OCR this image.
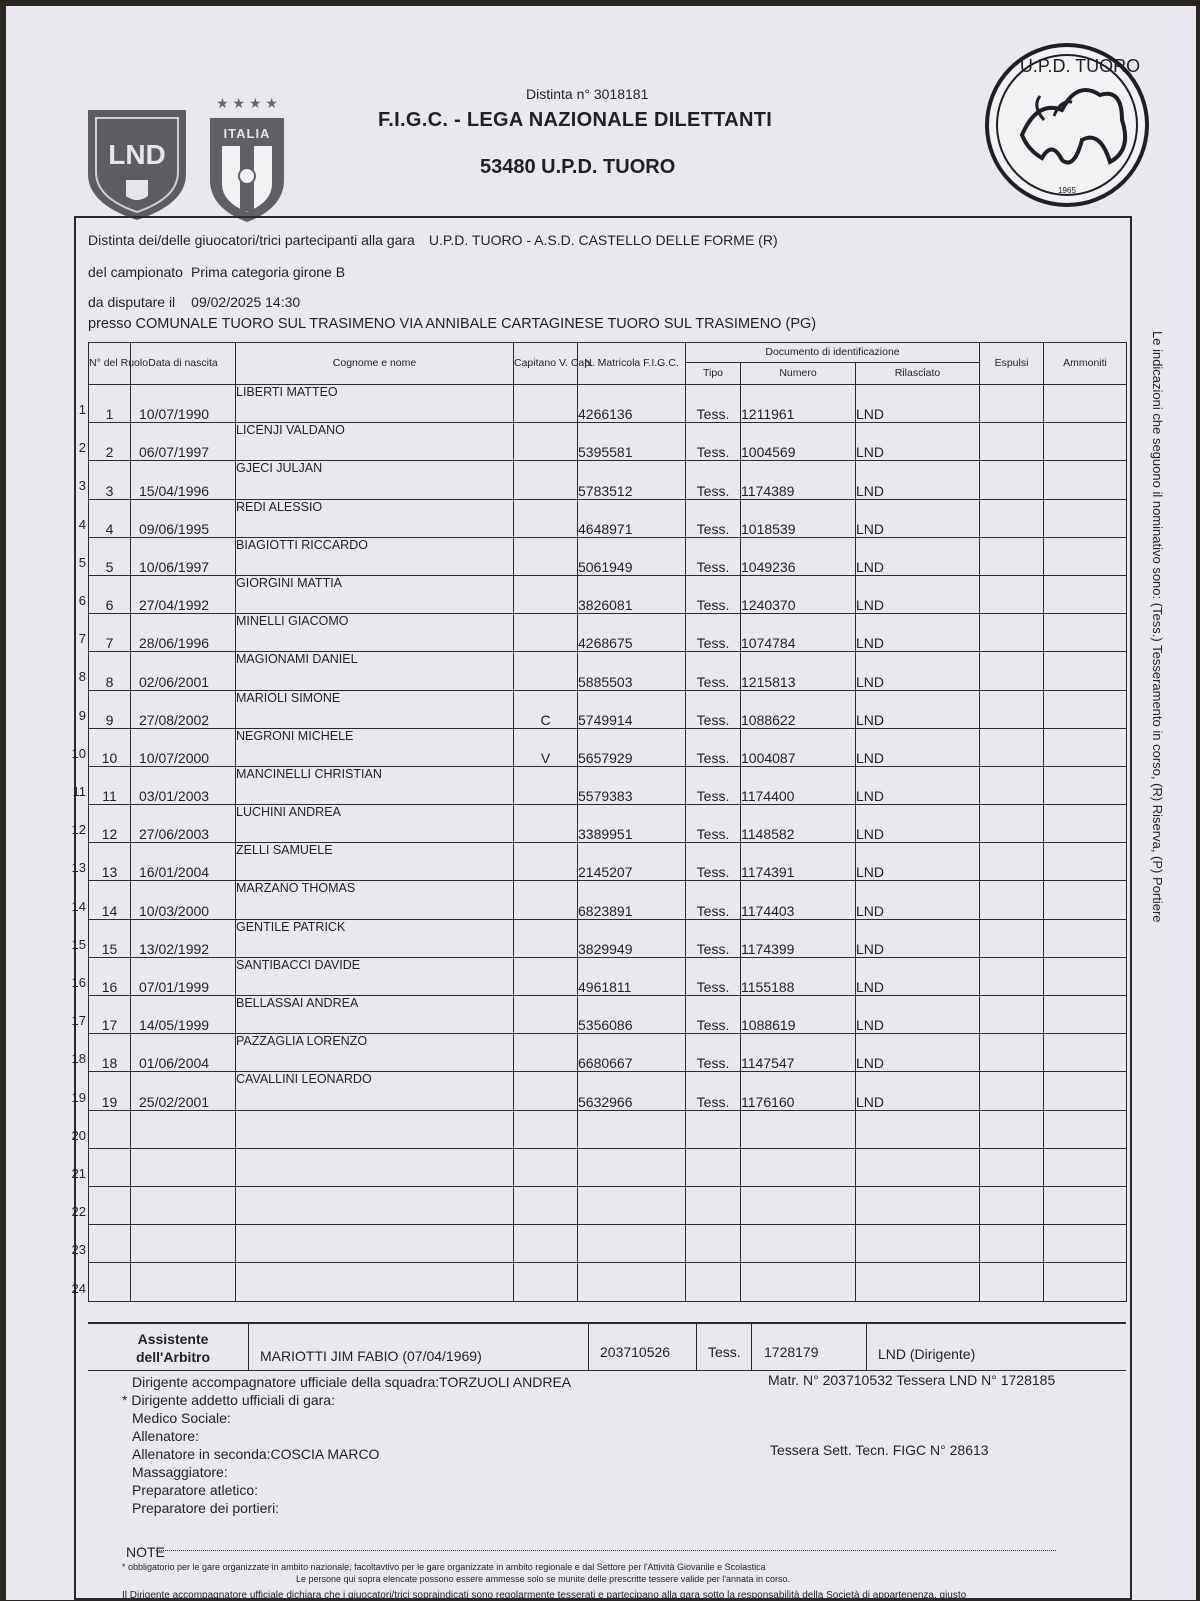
LND
★ ★ ★ ★
ITALIA
U.P.D. TUORO
1965
Distinta n° 3018181
F.I.G.C. - LEGA NAZIONALE DILETTANTI
53480 U.P.D. TUORO
Distinta dei/delle giuocatori/trici partecipanti alla gara U.P.D. TUORO - A.S.D. CASTELLO DELLE FORME (R)
del campionato Prima categoria girone B
da disputare il 09/02/2025 14:30
presso COMUNALE TUORO SUL TRASIMENO VIA ANNIBALE CARTAGINESE TUORO SUL TRASIMENO (PG)
N° del Ruolo	Data di nascita	Cognome e nome	Capitano V. Cap.	N. Matricola F.I.G.C.	Documento di identificazione			Espulsi	Ammoniti
					Tipo	Numero	Rilasciato		
1	10/07/1990	LIBERTI MATTEO		4266136	Tess.	1211961	LND		
2	06/07/1997	LICENJI VALDANO		5395581	Tess.	1004569	LND		
3	15/04/1996	GJECI JULJAN		5783512	Tess.	1174389	LND		
4	09/06/1995	REDI ALESSIO		4648971	Tess.	1018539	LND		
5	10/06/1997	BIAGIOTTI RICCARDO		5061949	Tess.	1049236	LND		
6	27/04/1992	GIORGINI MATTIA		3826081	Tess.	1240370	LND		
7	28/06/1996	MINELLI GIACOMO		4268675	Tess.	1074784	LND		
8	02/06/2001	MAGIONAMI DANIEL		5885503	Tess.	1215813	LND		
9	27/08/2002	MARIOLI SIMONE	C	5749914	Tess.	1088622	LND		
10	10/07/2000	NEGRONI MICHELE	V	5657929	Tess.	1004087	LND		
11	03/01/2003	MANCINELLI CHRISTIAN		5579383	Tess.	1174400	LND		
12	27/06/2003	LUCHINI ANDREA		3389951	Tess.	1148582	LND		
13	16/01/2004	ZELLI SAMUELE		2145207	Tess.	1174391	LND		
14	10/03/2000	MARZANO THOMAS		6823891	Tess.	1174403	LND		
15	13/02/1992	GENTILE PATRICK		3829949	Tess.	1174399	LND		
16	07/01/1999	SANTIBACCI DAVIDE		4961811	Tess.	1155188	LND		
17	14/05/1999	BELLASSAI ANDREA		5356086	Tess.	1088619	LND		
18	01/06/2004	PAZZAGLIA LORENZO		6680667	Tess.	1147547	LND		
19	25/02/2001	CAVALLINI LEONARDO		5632966	Tess.	1176160	LND		

1
2
3
4
5
6
7
8
9
10
11
12
13
14
15
16
17
18
19
20
21
22
23
24
Assistente
dell'Arbitro	MARIOTTI JIM FABIO (07/04/1969)	203710526	Tess. 1728179	LND (Dirigente)
Dirigente accompagnatore ufficiale della squadra:TORZUOLI ANDREA	Matr. N° 203710532 Tessera LND N° 1728185
* Dirigente addetto ufficiali di gara:
Medico Sociale:
Allenatore:
Allenatore in seconda:COSCIA MARCO	Tessera Sett. Tecn. FIGC N° 28613
Massaggiatore:
Preparatore atletico:
Preparatore dei portieri:
NOTE
* obbligatorio per le gare organizzate in ambito nazionale, facoltavtivo per le gare organizzate in ambito regionale e dal Settore per l'Attività Giovanile e Scolastica
Le persone qui sopra elencate possono essere ammesse solo se munite delle prescritte tessere valide per l'annata in corso.
Il Dirigente accompagnatore ufficiale dichiara che i giuocatori/trici sopraindicati sono regolarmente tesserati e partecipano alla gara sotto la responsabilità della Società di appartenenza, giusto
Le indicazioni che seguono il nominativo sono: (Tess.) Tesseramento in corso, (R) Riserva, (P) Portiere
